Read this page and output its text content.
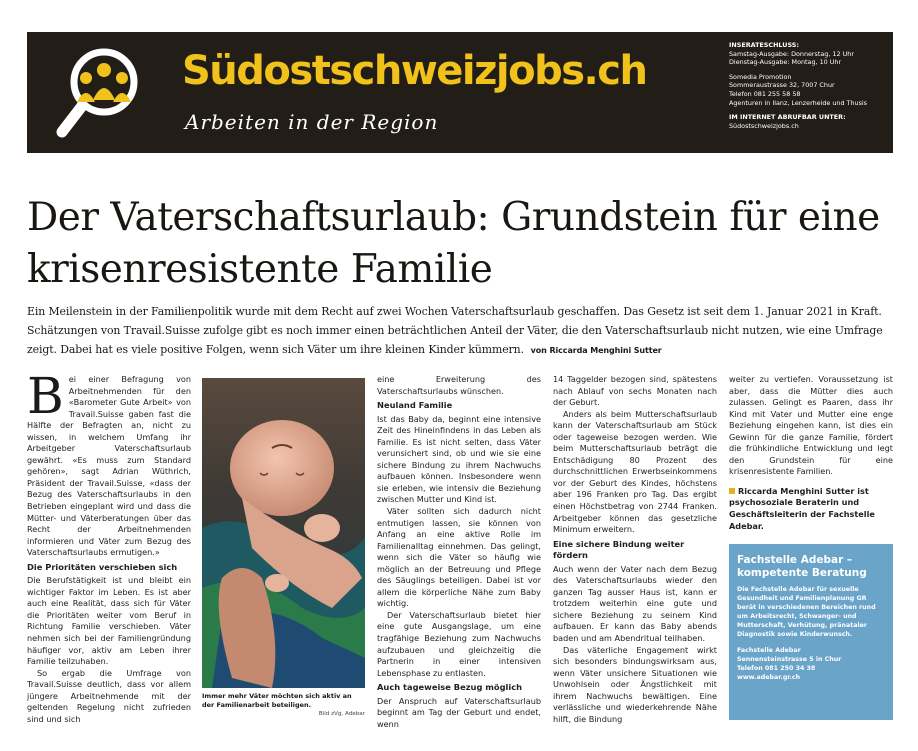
Südostschweizjobs.ch
Arbeiten in der Region
INSERATESCHLUSS:
Samstag-Ausgabe: Donnerstag, 12 Uhr
Dienstag-Ausgabe: Montag, 10 Uhr
Somedia Promotion
Sommeraustrasse 32, 7007 Chur
Telefon 081 255 58 58
Agenturen in Ilanz, Lenzerheide und Thusis
IM INTERNET ABRUFBAR UNTER:
Südostschweizjobs.ch
Der Vaterschaftsurlaub: Grundstein für eine krisenresistente Familie

Ein Meilenstein in der Familienpolitik wurde mit dem Recht auf zwei Wochen Vaterschaftsurlaub geschaffen. Das Gesetz ist seit dem 1. Januar 2021 in Kraft. Schätzungen von Travail.Suisse zufolge gibt es noch immer einen beträchtlichen Anteil der Väter, die den Vaterschaftsurlaub nicht nutzen, wie eine Umfrage zeigt. Dabei hat es viele positive Folgen, wenn sich Väter um ihre kleinen Kinder kümmern. von Riccarda Menghini Sutter

Bei einer Befragung von Arbeitnehmenden für den «Barometer Gute Arbeit» von Travail.Suisse gaben fast die Hälfte der Befragten an, nicht zu wissen, in welchem Umfang ihr Arbeitgeber Vaterschaftsurlaub gewährt. «Es muss zum Standard gehören», sagt Adrian Wüthrich, Präsident der Travail.Suisse, «dass der Bezug des Vaterschaftsurlaubs in den Betrieben eingeplant wird und dass die Mütter- und Väterberatungen über das Recht der Arbeitnehmenden informieren und Väter zum Bezug des Vaterschaftsurlaubs ermutigen.»

Die Prioritäten verschieben sich

Die Berufstätigkeit ist und bleibt ein wichtiger Faktor im Leben. Es ist aber auch eine Realität, dass sich für Väter die Prioritäten weiter vom Beruf in Richtung Familie verschieben. Väter nehmen sich bei der Familiengründung häufiger vor, aktiv am Leben ihrer Familie teilzuhaben.

So ergab die Umfrage von Travail.Suisse deutlich, dass vor allem jüngere Arbeitnehmende mit der geltenden Regelung nicht zufrieden sind und sich

Immer mehr Väter möchten sich aktiv an der Familienarbeit beteiligen.
Bild zVg, Adebar

eine Erweiterung des Vaterschaftsurlaubs wünschen.

Neuland Familie

Ist das Baby da, beginnt eine intensive Zeit des Hineinfindens in das Leben als Familie. Es ist nicht selten, dass Väter verunsichert sind, ob und wie sie eine sichere Bindung zu ihrem Nachwuchs aufbauen können. Insbesondere wenn sie erleben, wie intensiv die Beziehung zwischen Mutter und Kind ist.

Väter sollten sich dadurch nicht entmutigen lassen, sie können von Anfang an eine aktive Rolle im Familienalltag einnehmen. Das gelingt, wenn sich die Väter so häufig wie möglich an der Betreuung und Pflege des Säuglings beteiligen. Dabei ist vor allem die körperliche Nähe zum Baby wichtig.

Der Vaterschaftsurlaub bietet hier eine gute Ausgangslage, um eine tragfähige Beziehung zum Nachwuchs aufzubauen und gleichzeitig die Partnerin in einer intensiven Lebensphase zu entlasten.

Auch tageweise Bezug möglich

Der Anspruch auf Vaterschaftsurlaub beginnt am Tag der Geburt und endet, wenn

14 Taggelder bezogen sind, spätestens nach Ablauf von sechs Monaten nach der Geburt.

Anders als beim Mutterschaftsurlaub kann der Vaterschaftsurlaub am Stück oder tageweise bezogen werden. Wie beim Mutterschaftsurlaub beträgt die Entschädigung 80 Prozent des durchschnittlichen Erwerbseinkommens vor der Geburt des Kindes, höchstens aber 196 Franken pro Tag. Das ergibt einen Höchstbetrag von 2744 Franken. Arbeitgeber können das gesetzliche Minimum erweitern.

Eine sichere Bindung weiter fördern

Auch wenn der Vater nach dem Bezug des Vaterschaftsurlaubs wieder den ganzen Tag ausser Haus ist, kann er trotzdem weiterhin eine gute und sichere Beziehung zu seinem Kind aufbauen. Er kann das Baby abends baden und am Abendritual teilhaben.

Das väterliche Engagement wirkt sich besonders bindungswirksam aus, wenn Väter unsichere Situationen wie Unwohlsein oder Ängstlichkeit mit ihrem Nachwuchs bewältigen. Eine verlässliche und wiederkehrende Nähe hilft, die Bindung

weiter zu vertiefen. Voraussetzung ist aber, dass die Mütter dies auch zulassen. Gelingt es Paaren, dass ihr Kind mit Vater und Mutter eine enge Beziehung eingehen kann, ist dies ein Gewinn für die ganze Familie, fördert die frühkindliche Entwicklung und legt den Grundstein für eine krisenresistente Familien.

Riccarda Menghini Sutter ist psychosoziale Beraterin und Geschäftsleiterin der Fachstelle Adebar.
Fachstelle Adebar – kompetente Beratung
Die Fachstelle Adebar für sexuelle Gesundheit und Familienplanung GR berät in verschiedenen Bereichen rund um Arbeitsrecht, Schwanger- und Mutterschaft, Verhütung, pränataler Diagnostik sowie Kinderwunsch.
Fachstelle Adebar
Sennensteinstrasse 5 in Chur
Telefon 081 250 34 38
www.adebar.gr.ch
